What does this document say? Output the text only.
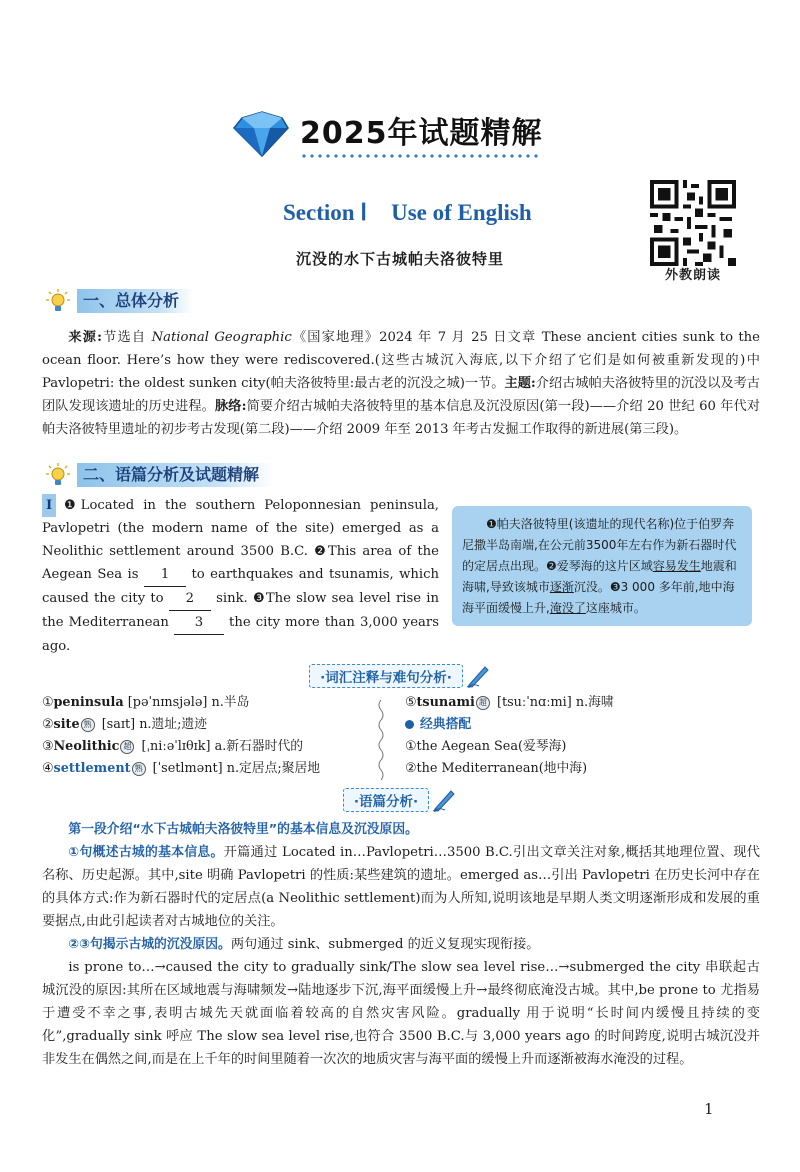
2025年试题精解
Section Ⅰ Use of English
沉没的水下古城帕夫洛彼特里
外教朗读
一、总体分析

来源:节选自 National Geographic《国家地理》2024 年 7 月 25 日文章 These ancient cities sunk to the ocean floor. Here’s how they were rediscovered.(这些古城沉入海底,以下介绍了它们是如何被重新发现的)中 Pavlopetri: the oldest sunken city(帕夫洛彼特里:最古老的沉没之城)一节。主题:介绍古城帕夫洛彼特里的沉没以及考古团队发现该遗址的历史进程。脉络:简要介绍古城帕夫洛彼特里的基本信息及沉没原因(第一段)——介绍 20 世纪 60 年代对帕夫洛彼特里遗址的初步考古发现(第二段)——介绍 2009 年至 2013 年考古发掘工作取得的新进展(第三段)。

二、语篇分析及试题精解
Ⅰ ❶Located in the southern Peloponnesian peninsula, Pavlopetri (the modern name of the site) emerged as a Neolithic settlement around 3500 B.C. ❷This area of the Aegean Sea is 1 to earthquakes and tsunamis, which caused the city to 2 sink. ❸The slow sea level rise in the Mediterranean 3 the city more than 3,000 years ago.

❶帕夫洛彼特里(该遗址的现代名称)位于伯罗奔尼撒半岛南端,在公元前3500年左右作为新石器时代的定居点出现。❷爱琴海的这片区域容易发生地震和海啸,导致该城市逐渐沉没。❸3 000 多年前,地中海海平面缓慢上升,淹没了这座城市。

·词汇注释与难句分析·
①peninsula [pəˈnɪnsjələ] n.半岛
②site 熟 [saɪt] n.遗址;遗迹
③Neolithic 超 [ˌniːəˈlɪθɪk] a.新石器时代的
④settlement 熟 [ˈsetlmənt] n.定居点;聚居地
⑤tsunami 超 [tsuːˈnɑːmi] n.海啸
经典搭配
①the Aegean Sea(爱琴海)
②the Mediterranean(地中海)
·语篇分析·

第一段介绍“水下古城帕夫洛彼特里”的基本信息及沉没原因。

①句概述古城的基本信息。开篇通过 Located in…Pavlopetri…3500 B.C.引出文章关注对象,概括其地理位置、现代名称、历史起源。其中,site 明确 Pavlopetri 的性质:某些建筑的遗址。emerged as…引出 Pavlopetri 在历史长河中存在的具体方式:作为新石器时代的定居点(a Neolithic settlement)而为人所知,说明该地是早期人类文明逐渐形成和发展的重要据点,由此引起读者对古城地位的关注。

②③句揭示古城的沉没原因。两句通过 sink、submerged 的近义复现实现衔接。

is prone to…→caused the city to gradually sink/The slow sea level rise…→submerged the city 串联起古城沉没的原因:其所在区域地震与海啸频发→陆地逐步下沉,海平面缓慢上升→最终彻底淹没古城。其中,be prone to 尤指易于遭受不幸之事,表明古城先天就面临着较高的自然灾害风险。gradually 用于说明“长时间内缓慢且持续的变化”,gradually sink 呼应 The slow sea level rise,也符合 3500 B.C.与 3,000 years ago 的时间跨度,说明古城沉没并非发生在偶然之间,而是在上千年的时间里随着一次次的地质灾害与海平面的缓慢上升而逐渐被海水淹没的过程。

1
